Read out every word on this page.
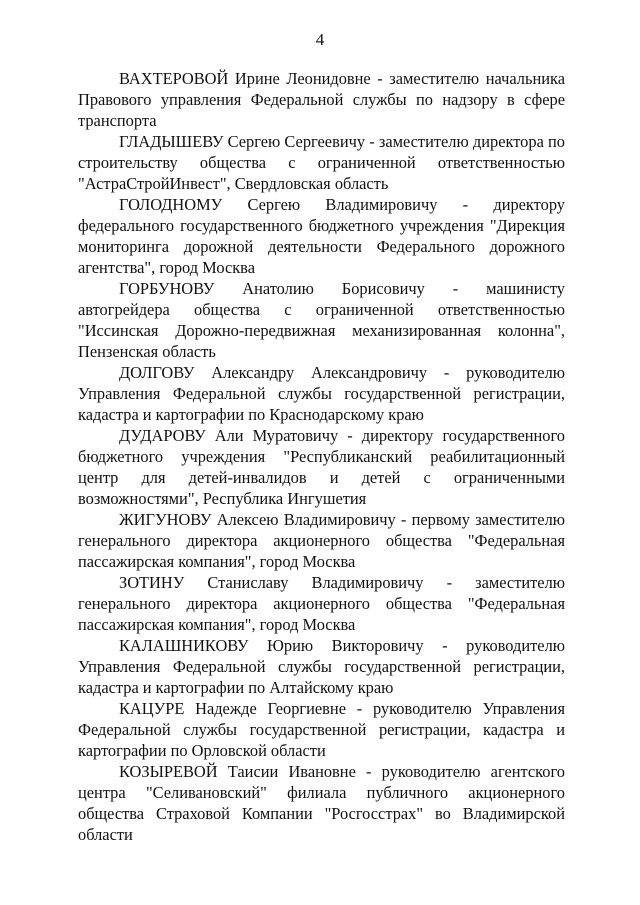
4

ВАХТЕРОВОЙ Ирине Леонидовне - заместителю начальника Правового управления Федеральной службы по надзору в сфере транспорта

ГЛАДЫШЕВУ Сергею Сергеевичу - заместителю директора по строительству общества с ограниченной ответственностью "АстраСтройИнвест", Свердловская область

ГОЛОДНОМУ Сергею Владимировичу - директору федерального государственного бюджетного учреждения "Дирекция мониторинга дорожной деятельности Федерального дорожного агентства", город Москва

ГОРБУНОВУ Анатолию Борисовичу - машинисту автогрейдера общества с ограниченной ответственностью "Иссинская Дорожно-передвижная механизированная колонна", Пензенская область

ДОЛГОВУ Александру Александровичу - руководителю Управления Федеральной службы государственной регистрации, кадастра и картографии по Краснодарскому краю

ДУДАРОВУ Али Муратовичу - директору государственного бюджетного учреждения "Республиканский реабилитационный центр для детей-инвалидов и детей с ограниченными возможностями", Республика Ингушетия

ЖИГУНОВУ Алексею Владимировичу - первому заместителю генерального директора акционерного общества "Федеральная пассажирская компания", город Москва

ЗОТИНУ Станиславу Владимировичу - заместителю генерального директора акционерного общества "Федеральная пассажирская компания", город Москва

КАЛАШНИКОВУ Юрию Викторовичу - руководителю Управления Федеральной службы государственной регистрации, кадастра и картографии по Алтайскому краю

КАЦУРЕ Надежде Георгиевне - руководителю Управления Федеральной службы государственной регистрации, кадастра и картографии по Орловской области

КОЗЫРЕВОЙ Таисии Ивановне - руководителю агентского центра "Селивановский" филиала публичного акционерного общества Страховой Компании "Росгосстрах" во Владимирской области
